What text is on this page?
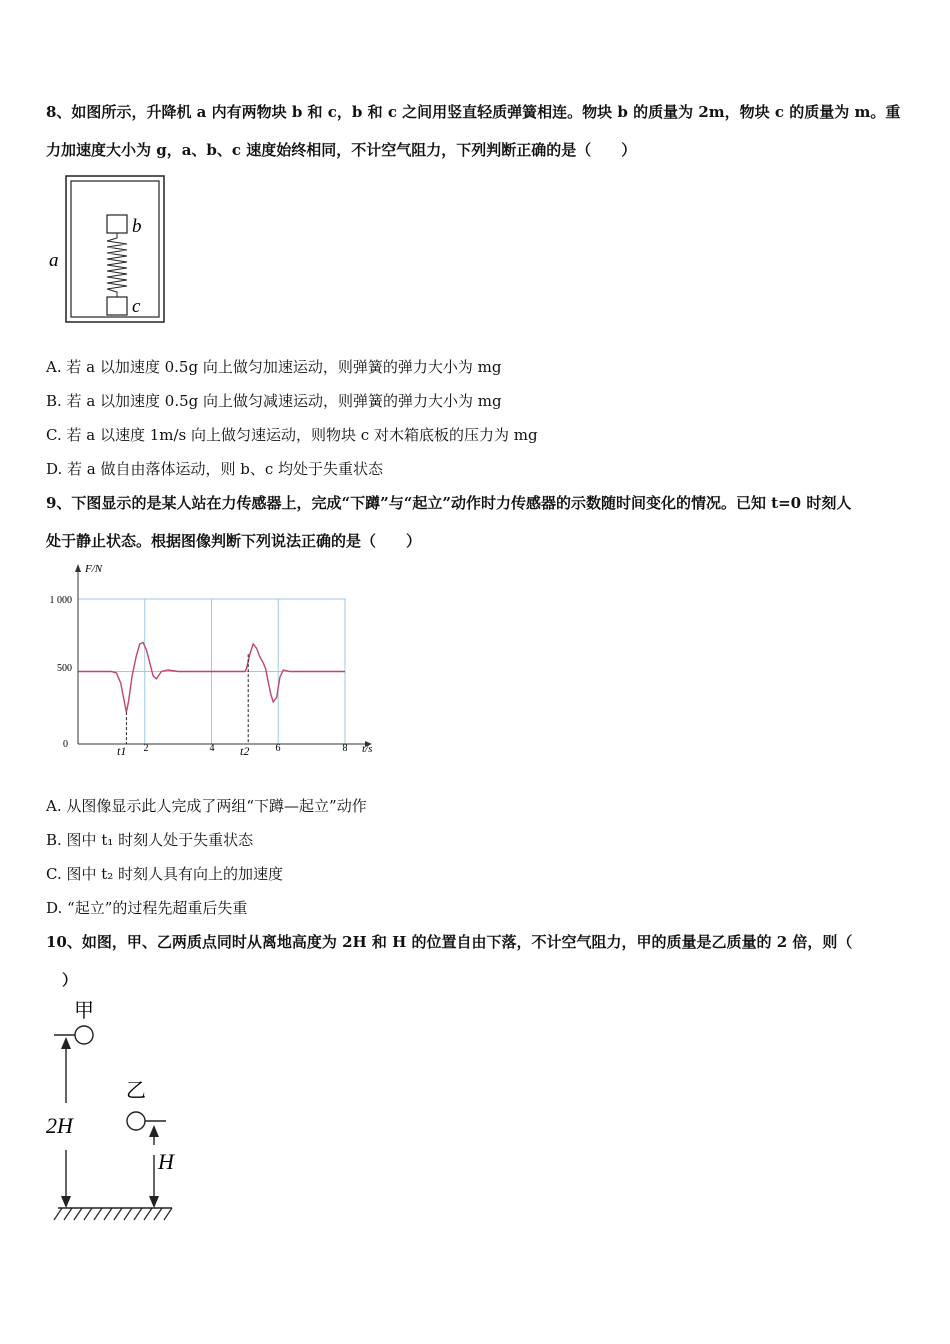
8、如图所示，升降机 a 内有两物块 b 和 c，b 和 c 之间用竖直轻质弹簧相连。物块 b 的质量为 2m，物块 c 的质量为 m。重
力加速度大小为 g，a、b、c 速度始终相同，不计空气阻力，下列判断正确的是（　　）
b
c
a
A. 若 a 以加速度 0.5g 向上做匀加速运动，则弹簧的弹力大小为 mg
B. 若 a 以加速度 0.5g 向上做匀减速运动，则弹簧的弹力大小为 mg
C. 若 a 以速度 1m/s 向上做匀速运动，则物块 c 对木箱底板的压力为 mg
D. 若 a 做自由落体运动，则 b、c 均处于失重状态
9、下图显示的是某人站在力传感器上，完成“下蹲”与“起立”动作时力传感器的示数随时间变化的情况。已知 t=0 时刻人
处于静止状态。根据图像判断下列说法正确的是（　　）
F/N
t/s
0
500
1 000
2	4	6	8
t1	t2
A. 从图像显示此人完成了两组“下蹲—起立”动作
B. 图中 t₁ 时刻人处于失重状态
C. 图中 t₂ 时刻人具有向上的加速度
D. “起立”的过程先超重后失重
10、如图，甲、乙两质点同时从离地高度为 2H 和 H 的位置自由下落，不计空气阻力，甲的质量是乙质量的 2 倍，则（
）
甲
2H
乙
H
